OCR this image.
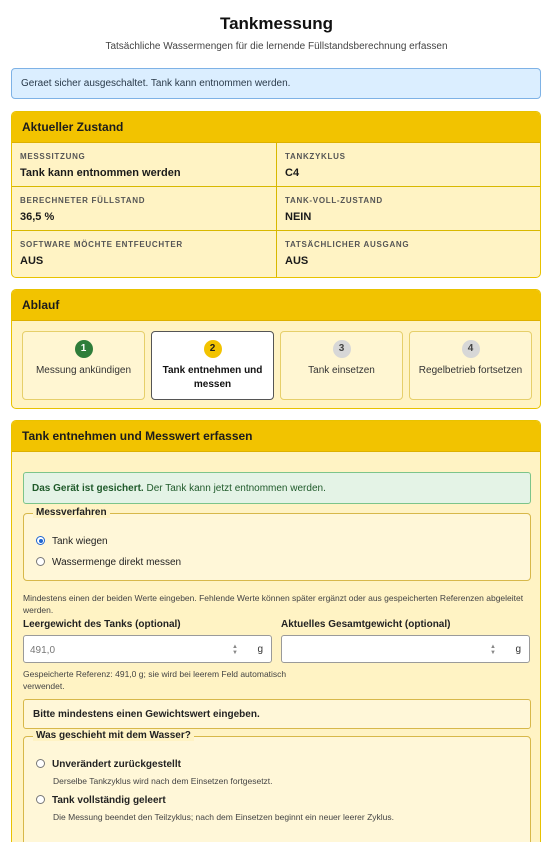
Tankmessung
Tatsächliche Wassermengen für die lernende Füllstandsberechnung erfassen
Geraet sicher ausgeschaltet. Tank kann entnommen werden.
Aktueller Zustand
MESSSITZUNG
Tank kann entnommen werden
TANKZYKLUS
C4
BERECHNETER FÜLLSTAND
36,5 %
TANK-VOLL-ZUSTAND
NEIN
SOFTWARE MÖCHTE ENTFEUCHTER
AUS
TATSÄCHLICHER AUSGANG
AUS
Ablauf
1
Messung ankündigen
2
Tank entnehmen und messen
3
Tank einsetzen
4
Regelbetrieb fortsetzen
Tank entnehmen und Messwert erfassen
Das Gerät ist gesichert. Der Tank kann jetzt entnommen werden.
Messverfahren
Tank wiegen
Wassermenge direkt messen
Mindestens einen der beiden Werte eingeben. Fehlende Werte können später ergänzt oder aus gespeicherten Referenzen abgeleitet werden.
Leergewicht des Tanks (optional)
491,0
▲
▼ g
Gespeicherte Referenz: 491,0 g; sie wird bei leerem Feld automatisch verwendet.
Aktuelles Gesamtgewicht (optional)
▲
▼ g
Bitte mindestens einen Gewichtswert eingeben.
Was geschieht mit dem Wasser?
Unverändert zurückgestellt
Derselbe Tankzyklus wird nach dem Einsetzen fortgesetzt.
Tank vollständig geleert
Die Messung beendet den Teilzyklus; nach dem Einsetzen beginnt ein neuer leerer Zyklus.
